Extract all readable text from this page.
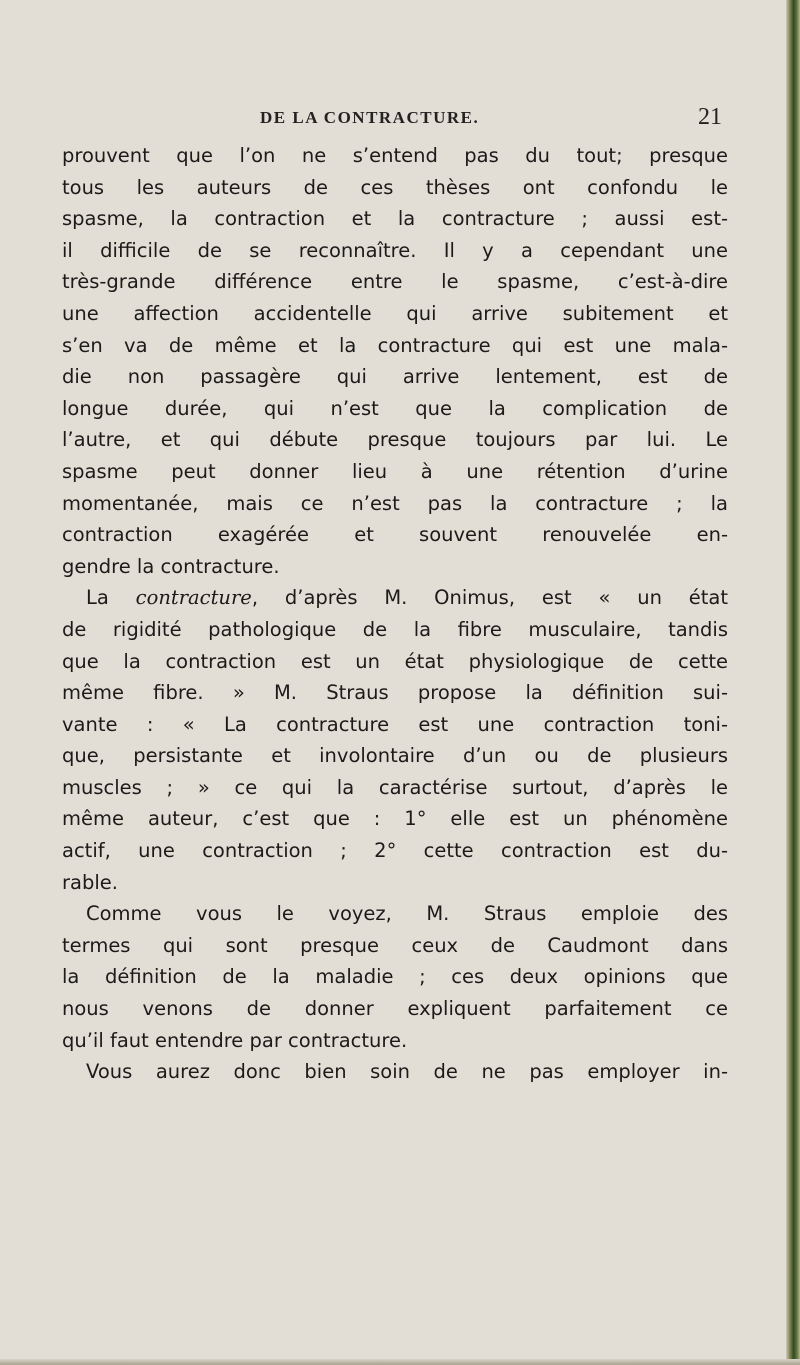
DE LA CONTRACTURE.	21
prouvent que l’on ne s’entend pas du tout; presque
tous les auteurs de ces thèses ont confondu le
spasme, la contraction et la contracture ; aussi est-
il difficile de se reconnaître. Il y a cependant une
très-grande différence entre le spasme, c’est-à-dire
une affection accidentelle qui arrive subitement et
s’en va de même et la contracture qui est une mala-
die non passagère qui arrive lentement, est de
longue durée, qui n’est que la complication de
l’autre, et qui débute presque toujours par lui. Le
spasme peut donner lieu à une rétention d’urine
momentanée, mais ce n’est pas la contracture ; la
contraction exagérée et souvent renouvelée en-
gendre la contracture.
La contracture, d’après M. Onimus, est « un état
de rigidité pathologique de la fibre musculaire, tandis
que la contraction est un état physiologique de cette
même fibre. » M. Straus propose la définition sui-
vante : « La contracture est une contraction toni-
que, persistante et involontaire d’un ou de plusieurs
muscles ; » ce qui la caractérise surtout, d’après le
même auteur, c’est que : 1° elle est un phénomène
actif, une contraction ; 2° cette contraction est du-
rable.
Comme vous le voyez, M. Straus emploie des
termes qui sont presque ceux de Caudmont dans
la définition de la maladie ; ces deux opinions que
nous venons de donner expliquent parfaitement ce
qu’il faut entendre par contracture.
Vous aurez donc bien soin de ne pas employer in-
